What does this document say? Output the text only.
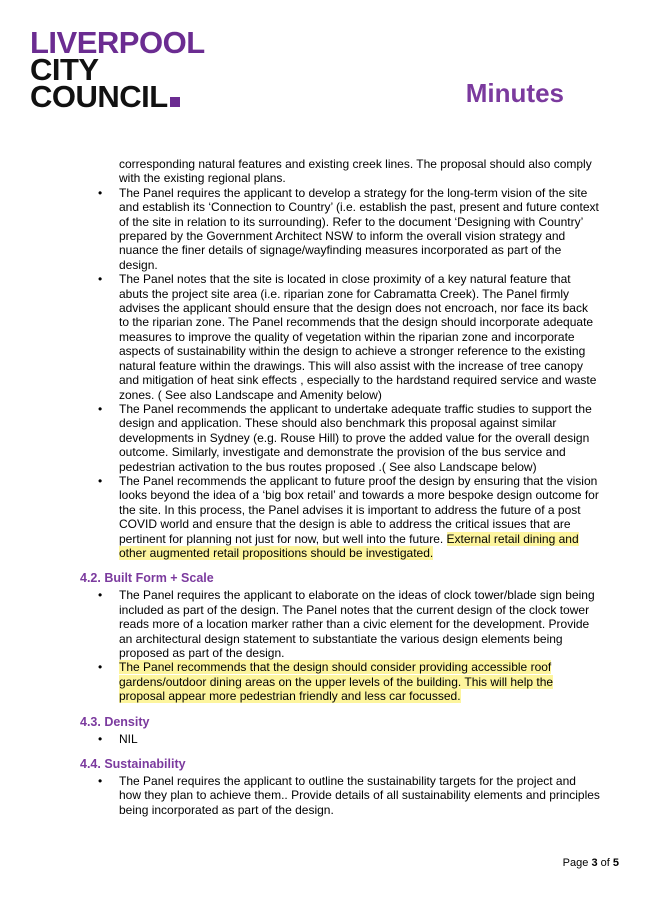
LIVERPOOL
CITY
COUNCIL	Minutes

corresponding natural features and existing creek lines. The proposal should also comply with the existing regional plans.

• The Panel requires the applicant to develop a strategy for the long-term vision of the site and establish its ‘Connection to Country’ (i.e. establish the past, present and future context of the site in relation to its surrounding). Refer to the document ‘Designing with Country’ prepared by the Government Architect NSW to inform the overall vision strategy and nuance the finer details of signage/wayfinding measures incorporated as part of the design.
• The Panel notes that the site is located in close proximity of a key natural feature that abuts the project site area (i.e. riparian zone for Cabramatta Creek). The Panel firmly advises the applicant should ensure that the design does not encroach, nor face its back to the riparian zone. The Panel recommends that the design should incorporate adequate measures to improve the quality of vegetation within the riparian zone and incorporate aspects of sustainability within the design to achieve a stronger reference to the existing natural feature within the drawings. This will also assist with the increase of tree canopy and mitigation of heat sink effects , especially to the hardstand required service and waste zones. ( See also Landscape and Amenity below)
• The Panel recommends the applicant to undertake adequate traffic studies to support the design and application. These should also benchmark this proposal against similar developments in Sydney (e.g. Rouse Hill) to prove the added value for the overall design outcome. Similarly, investigate and demonstrate the provision of the bus service and pedestrian activation to the bus routes proposed .( See also Landscape below)
• The Panel recommends the applicant to future proof the design by ensuring that the vision looks beyond the idea of a ‘big box retail’ and towards a more bespoke design outcome for the site. In this process, the Panel advises it is important to address the future of a post COVID world and ensure that the design is able to address the critical issues that are pertinent for planning not just for now, but well into the future. External retail dining and other augmented retail propositions should be investigated.
4.2. Built Form + Scale
• The Panel requires the applicant to elaborate on the ideas of clock tower/blade sign being included as part of the design. The Panel notes that the current design of the clock tower reads more of a location marker rather than a civic element for the development. Provide an architectural design statement to substantiate the various design elements being proposed as part of the design.
• The Panel recommends that the design should consider providing accessible roof gardens/outdoor dining areas on the upper levels of the building. This will help the proposal appear more pedestrian friendly and less car focussed.
4.3. Density
• NIL
4.4. Sustainability
• The Panel requires the applicant to outline the sustainability targets for the project and how they plan to achieve them.. Provide details of all sustainability elements and principles being incorporated as part of the design.
Page 3 of 5
